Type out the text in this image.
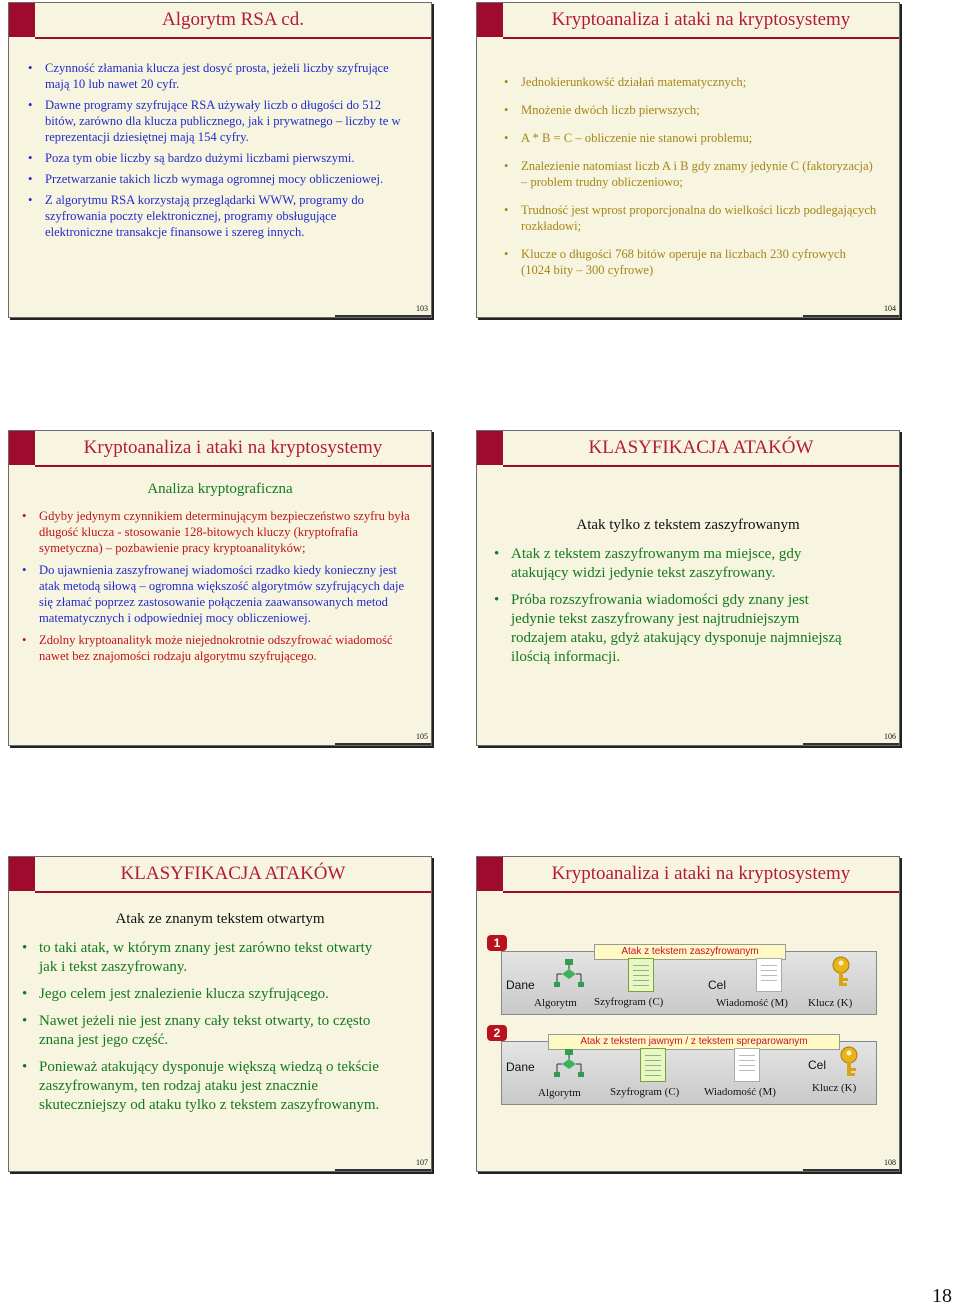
Algorytm RSA cd.
• Czynność złamania klucza jest dosyć prosta, jeżeli liczby szyfrujące mają 10 lub nawet 20 cyfr.
• Dawne programy szyfrujące RSA używały liczb o długości do 512 bitów, zarówno dla klucza publicznego, jak i prywatnego – liczby te w reprezentacji dziesiętnej mają 154 cyfry.
• Poza tym obie liczby są bardzo dużymi liczbami pierwszymi.
• Przetwarzanie takich liczb wymaga ogromnej mocy obliczeniowej.
• Z algorytmu RSA korzystają przeglądarki WWW, programy do szyfrowania poczty elektronicznej, programy obsługujące elektroniczne transakcje finansowe i szereg innych.
103
Kryptoanaliza i ataki na kryptosystemy
• Jednokierunkowść działań matematycznych;
• Mnożenie dwóch liczb pierwszych;
• A * B = C – obliczenie nie stanowi problemu;
• Znalezienie natomiast liczb A i B gdy znamy jedynie C (faktoryzacja) – problem trudny obliczeniowo;
• Trudność jest wprost proporcjonalna do wielkości liczb podlegających rozkładowi;
• Klucze o długości 768 bitów operuje na liczbach 230 cyfrowych (1024 bity – 300 cyfrowe)
104
Kryptoanaliza i ataki na kryptosystemy
Analiza kryptograficzna
• Gdyby jedynym czynnikiem determinującym bezpieczeństwo szyfru była długość klucza - stosowanie 128-bitowych kluczy (kryptofrafia symetyczna) – pozbawienie pracy kryptoanalityków;
• Do ujawnienia zaszyfrowanej wiadomości rzadko kiedy konieczny jest atak metodą siłową – ogromna większość algorytmów szyfrujących daje się złamać poprzez zastosowanie połączenia zaawansowanych metod matematycznych i odpowiedniej mocy obliczeniowej.
• Zdolny kryptoanalityk może niejednokrotnie odszyfrować wiadomość nawet bez znajomości rodzaju algorytmu szyfrującego.
105
KLASYFIKACJA ATAKÓW
Atak tylko z tekstem zaszyfrowanym
• Atak z tekstem zaszyfrowanym ma miejsce, gdy atakujący widzi jedynie tekst zaszyfrowany.
• Próba rozszyfrowania wiadomości gdy znany jest jedynie tekst zaszyfrowany jest najtrudniejszym rodzajem ataku, gdyż atakujący dysponuje najmniejszą ilością informacji.
106
KLASYFIKACJA ATAKÓW
Atak ze znanym tekstem otwartym
• to taki atak, w którym znany jest zarówno tekst otwarty jak i tekst zaszyfrowany.
• Jego celem jest znalezienie klucza szyfrującego.
• Nawet jeżeli nie jest znany cały tekst otwarty, to często znana jest jego część.
• Ponieważ atakujący dysponuje większą wiedzą o tekście zaszyfrowanym, ten rodzaj ataku jest znacznie skuteczniejszy od ataku tylko z tekstem zaszyfrowanym.
107
Kryptoanaliza i ataki na kryptosystemy
1
Atak z tekstem zaszyfrowanym
Dane	Cel
Algorytm Szyfrogram (C)	Wiadomość (M) Klucz (K)
2
Atak z tekstem jawnym / z tekstem spreparowanym
Dane	Cel
Algorytm	Szyfrogram (C) Wiadomość (M)	Klucz (K)
108
18
